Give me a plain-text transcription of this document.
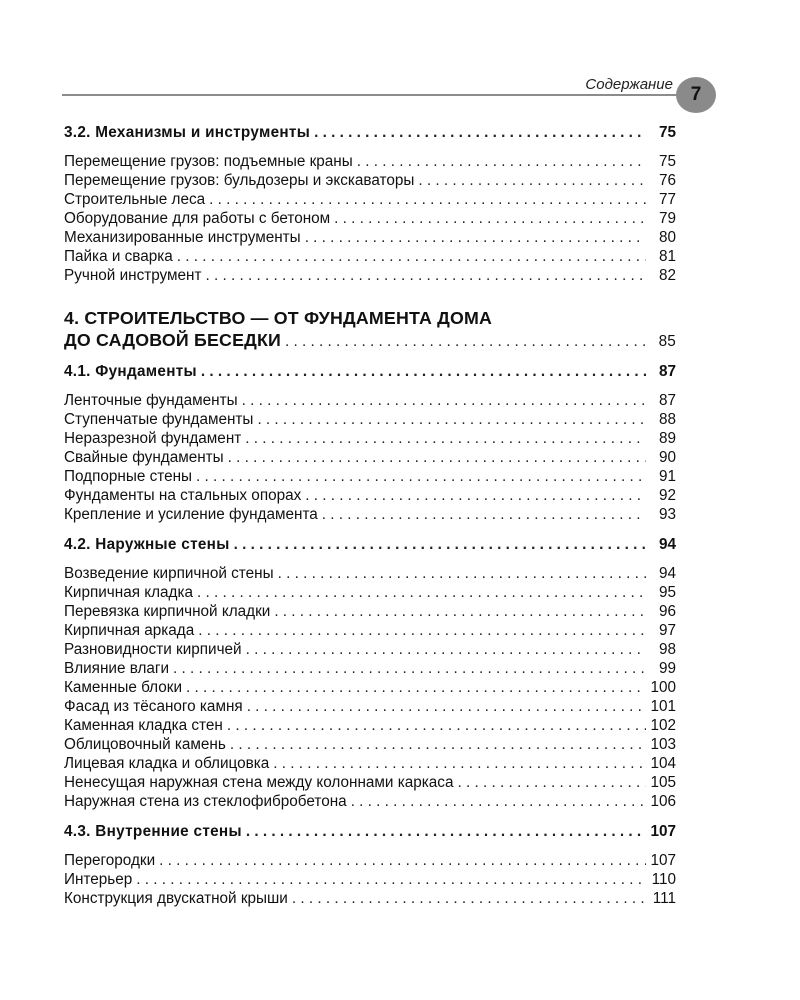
Содержание 7
3.2. Механизмы и инструменты . . .	75
Перемещение грузов: подъемные краны . . .	75
Перемещение грузов: бульдозеры и экскаваторы . . .	76
Строительные леса . . .	77
Оборудование для работы с бетоном . . .	79
Механизированные инструменты . . .	80
Пайка и сварка . . .	81
Ручной инструмент . . .	82
4. СТРОИТЕЛЬСТВО — ОТ ФУНДАМЕНТА ДОМА
ДО САДОВОЙ БЕСЕДКИ . . .	85
4.1. Фундаменты . . .	87
Ленточные фундаменты . . .	87
Ступенчатые фундаменты . . .	88
Неразрезной фундамент . . .	89
Свайные фундаменты . . .	90
Подпорные стены . . .	91
Фундаменты на стальных опорах . . .	92
Крепление и усиление фундамента . . .	93
4.2. Наружные стены . . .	94
Возведение кирпичной стены . . .	94
Кирпичная кладка . . .	95
Перевязка кирпичной кладки . . .	96
Кирпичная аркада . . .	97
Разновидности кирпичей . . .	98
Влияние влаги . . .	99
Каменные блоки . . .	100
Фасад из тёсаного камня . . .	101
Каменная кладка стен . . .	102
Облицовочный камень . . .	103
Лицевая кладка и облицовка . . .	104
Ненесущая наружная стена между колоннами каркаса . . .	105
Наружная стена из стеклофибробетона . . .	106
4.3. Внутренние стены . . .	107
Перегородки . . .	107
Интерьер . . .	110
Конструкция двускатной крыши . . .	111
